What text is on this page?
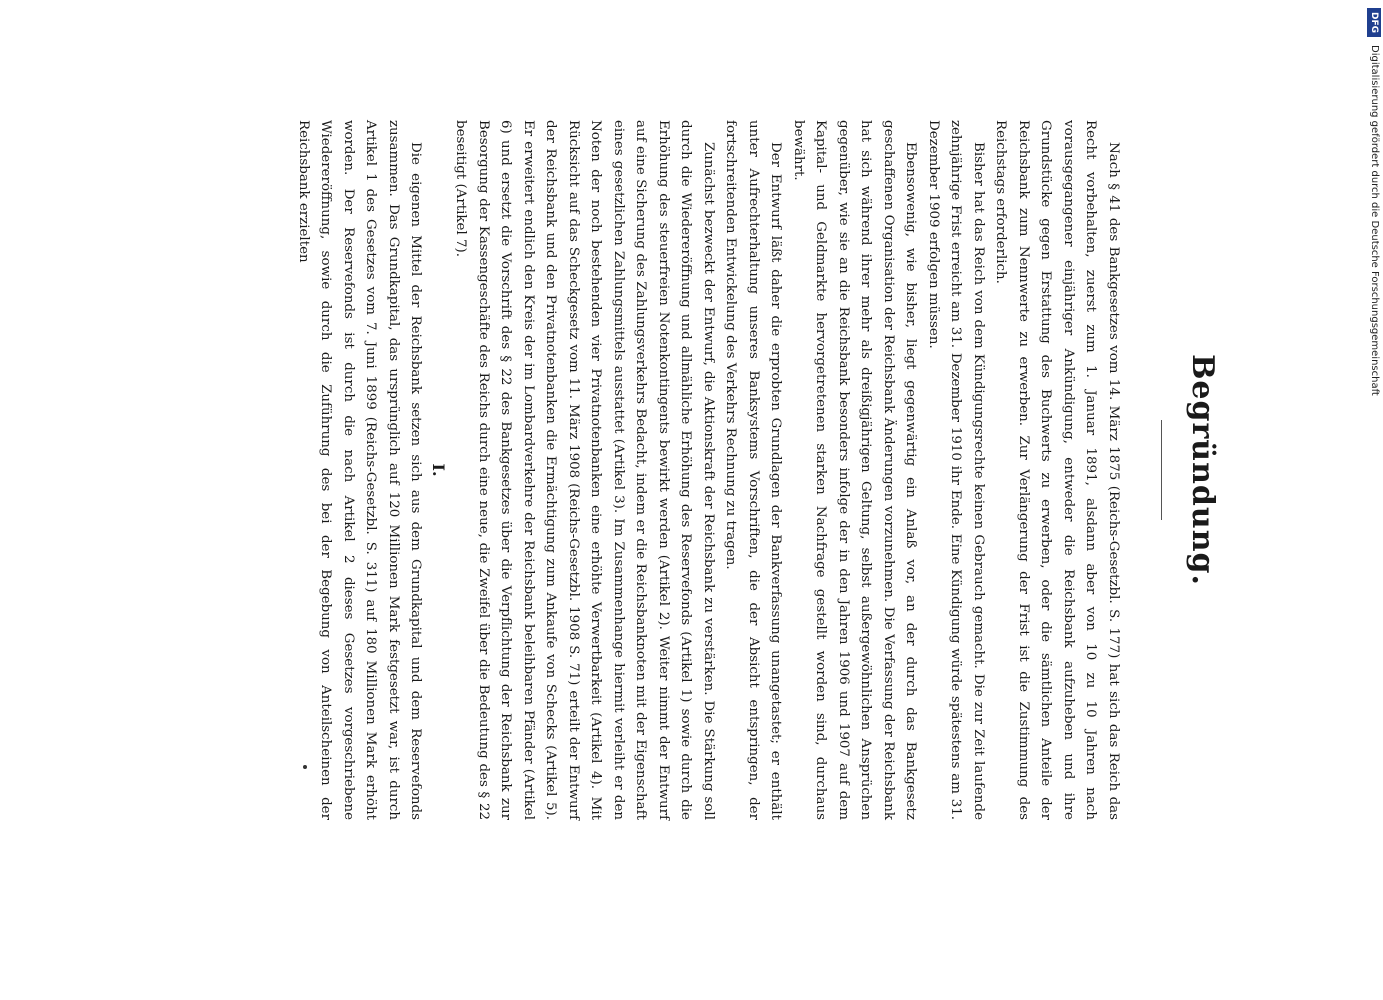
Begründung.

Nach § 41 des Bankgesetzes vom 14. März 1875 (Reichs-Gesetzbl. S. 177) hat sich das Reich das Recht vorbehalten, zuerst zum 1. Januar 1891, alsdann aber von 10 zu 10 Jahren nach vorausgegangener einjähriger Ankündigung, entweder die Reichsbank aufzuheben und ihre Grundstücke gegen Erstattung des Buchwerts zu erwerben, oder die sämtlichen Anteile der Reichsbank zum Nennwerte zu erwerben. Zur Verlängerung der Frist ist die Zustimmung des Reichstags erforderlich.

Bisher hat das Reich von dem Kündigungsrechte keinen Gebrauch gemacht. Die zur Zeit laufende zehnjährige Frist erreicht am 31. Dezember 1910 ihr Ende. Eine Kündigung würde spätestens am 31. Dezember 1909 erfolgen müssen.

Ebensowenig, wie bisher, liegt gegenwärtig ein Anlaß vor, an der durch das Bankgesetz geschaffenen Organisation der Reichsbank Änderungen vorzunehmen. Die Verfassung der Reichsbank hat sich während ihrer mehr als dreißigjährigen Geltung, selbst außergewöhnlichen Ansprüchen gegenüber, wie sie an die Reichsbank besonders infolge der in den Jahren 1906 und 1907 auf dem Kapital- und Geldmarkte hervorgetretenen starken Nachfrage gestellt worden sind, durchaus bewährt.

Der Entwurf läßt daher die erprobten Grundlagen der Bankverfassung unangetastet; er enthält unter Aufrechterhaltung unseres Banksystems Vorschriften, die der Absicht entspringen, der fortschreitenden Entwickelung des Verkehrs Rechnung zu tragen.

Zunächst bezweckt der Entwurf, die Aktionskraft der Reichsbank zu verstärken. Die Stärkung soll durch die Wiedereröffnung und allmähliche Erhöhung des Reservefonds (Artikel 1) sowie durch die Erhöhung des steuerfreien Notenkontingents bewirkt werden (Artikel 2). Weiter nimmt der Entwurf auf eine Sicherung des Zahlungsverkehrs Bedacht, indem er die Reichsbanknoten mit der Eigenschaft eines gesetzlichen Zahlungsmittels ausstattet (Artikel 3). Im Zusammenhange hiermit verleiht er den Noten der noch bestehenden vier Privatnotenbanken eine erhöhte Verwertbarkeit (Artikel 4). Mit Rücksicht auf das Scheckgesetz vom 11. März 1908 (Reichs-Gesetzbl. 1908 S. 71) erteilt der Entwurf der Reichsbank und den Privatnotenbanken die Ermächtigung zum Ankaufe von Schecks (Artikel 5). Er erweitert endlich den Kreis der im Lombardverkehre der Reichsbank beleihbaren Pfänder (Artikel 6) und ersetzt die Vorschrift des § 22 des Bankgesetzes über die Verpflichtung der Reichsbank zur Besorgung der Kassengeschäfte des Reichs durch eine neue, die Zweifel über die Bedeutung des § 22 beseitigt (Artikel 7).

I.

Die eigenen Mittel der Reichsbank setzen sich aus dem Grundkapital und dem Reservefonds zusammen. Das Grundkapital, das ursprünglich auf 120 Millionen Mark festgesetzt war, ist durch Artikel 1 des Gesetzes vom 7. Juni 1899 (Reichs-Gesetzbl. S. 311) auf 180 Millionen Mark erhöht worden. Der Reservefonds ist durch die nach Artikel 2 dieses Gesetzes vorgeschriebene Wiedereröffnung, sowie durch die Zuführung des bei der Begebung von Anteilscheinen der Reichsbank erzielten

DFGDigitalisierung gefördert durch die Deutsche Forschungsgemeinschaft
